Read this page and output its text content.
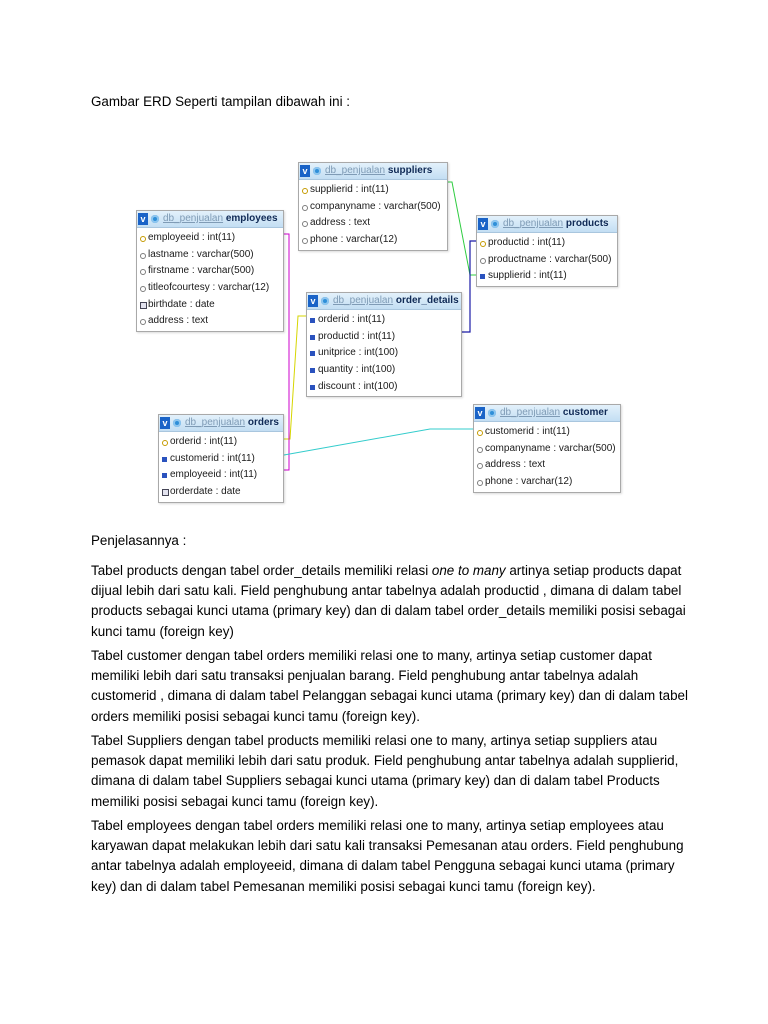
Gambar ERD Seperti tampilan dibawah ini :
v db_penjualan suppliers
supplierid : int(11)
companyname : varchar(500)
address : text
phone : varchar(12)
v db_penjualan employees
employeeid : int(11)
lastname : varchar(500)
firstname : varchar(500)
titleofcourtesy : varchar(12)
birthdate : date
address : text
v db_penjualan products
productid : int(11)
productname : varchar(500)
supplierid : int(11)
v db_penjualan order_details
orderid : int(11)
productid : int(11)
unitprice : int(100)
quantity : int(100)
discount : int(100)
v db_penjualan orders
orderid : int(11)
customerid : int(11)
employeeid : int(11)
orderdate : date
v db_penjualan customer
customerid : int(11)
companyname : varchar(500)
address : text
phone : varchar(12)
Penjelasannya :

Tabel products dengan tabel order_details memiliki relasi one to many artinya setiap products dapat dijual lebih dari satu kali. Field penghubung antar tabelnya adalah productid , dimana di dalam tabel products sebagai kunci utama (primary key) dan di dalam tabel order_details memiliki posisi sebagai kunci tamu (foreign key)

Tabel customer dengan tabel orders memiliki relasi one to many, artinya setiap customer dapat memiliki lebih dari satu transaksi penjualan barang. Field penghubung antar tabelnya adalah customerid , dimana di dalam tabel Pelanggan sebagai kunci utama (primary key) dan di dalam tabel orders memiliki posisi sebagai kunci tamu (foreign key).

Tabel Suppliers dengan tabel products memiliki relasi one to many, artinya setiap suppliers atau pemasok dapat memiliki lebih dari satu produk. Field penghubung antar tabelnya adalah supplierid, dimana di dalam tabel Suppliers sebagai kunci utama (primary key) dan di dalam tabel Products memiliki posisi sebagai kunci tamu (foreign key).

Tabel employees dengan tabel orders memiliki relasi one to many, artinya setiap employees atau karyawan dapat melakukan lebih dari satu kali transaksi Pemesanan atau orders. Field penghubung antar tabelnya adalah employeeid, dimana di dalam tabel Pengguna sebagai kunci utama (primary key) dan di dalam tabel Pemesanan memiliki posisi sebagai kunci tamu (foreign key).
